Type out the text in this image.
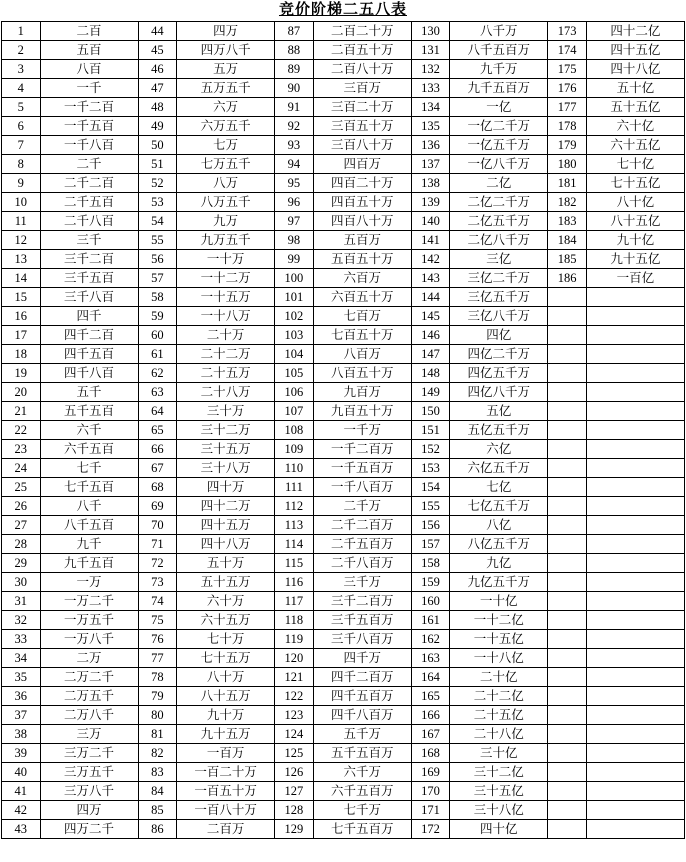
竞价阶梯二五八表
1	二百	44	四万	87	二百二十万	130	八千万	173	四十二亿
2	五百	45	四万八千	88	二百五十万	131	八千五百万	174	四十五亿
3	八百	46	五万	89	二百八十万	132	九千万	175	四十八亿
4	一千	47	五万五千	90	三百万	133	九千五百万	176	五十亿
5	一千二百	48	六万	91	三百二十万	134	一亿	177	五十五亿
6	一千五百	49	六万五千	92	三百五十万	135	一亿二千万	178	六十亿
7	一千八百	50	七万	93	三百八十万	136	一亿五千万	179	六十五亿
8	二千	51	七万五千	94	四百万	137	一亿八千万	180	七十亿
9	二千二百	52	八万	95	四百二十万	138	二亿	181	七十五亿
10	二千五百	53	八万五千	96	四百五十万	139	二亿二千万	182	八十亿
11	二千八百	54	九万	97	四百八十万	140	二亿五千万	183	八十五亿
12	三千	55	九万五千	98	五百万	141	二亿八千万	184	九十亿
13	三千二百	56	一十万	99	五百五十万	142	三亿	185	九十五亿
14	三千五百	57	一十二万	100	六百万	143	三亿二千万	186	一百亿
15	三千八百	58	一十五万	101	六百五十万	144	三亿五千万		
16	四千	59	一十八万	102	七百万	145	三亿八千万		
17	四千二百	60	二十万	103	七百五十万	146	四亿		
18	四千五百	61	二十二万	104	八百万	147	四亿二千万		
19	四千八百	62	二十五万	105	八百五十万	148	四亿五千万		
20	五千	63	二十八万	106	九百万	149	四亿八千万		
21	五千五百	64	三十万	107	九百五十万	150	五亿		
22	六千	65	三十二万	108	一千万	151	五亿五千万		
23	六千五百	66	三十五万	109	一千二百万	152	六亿		
24	七千	67	三十八万	110	一千五百万	153	六亿五千万		
25	七千五百	68	四十万	111	一千八百万	154	七亿		
26	八千	69	四十二万	112	二千万	155	七亿五千万		
27	八千五百	70	四十五万	113	二千二百万	156	八亿		
28	九千	71	四十八万	114	二千五百万	157	八亿五千万		
29	九千五百	72	五十万	115	二千八百万	158	九亿		
30	一万	73	五十五万	116	三千万	159	九亿五千万		
31	一万二千	74	六十万	117	三千二百万	160	一十亿		
32	一万五千	75	六十五万	118	三千五百万	161	一十二亿		
33	一万八千	76	七十万	119	三千八百万	162	一十五亿		
34	二万	77	七十五万	120	四千万	163	一十八亿		
35	二万二千	78	八十万	121	四千二百万	164	二十亿		
36	二万五千	79	八十五万	122	四千五百万	165	二十二亿		
37	二万八千	80	九十万	123	四千八百万	166	二十五亿		
38	三万	81	九十五万	124	五千万	167	二十八亿		
39	三万二千	82	一百万	125	五千五百万	168	三十亿		
40	三万五千	83	一百二十万	126	六千万	169	三十二亿		
41	三万八千	84	一百五十万	127	六千五百万	170	三十五亿		
42	四万	85	一百八十万	128	七千万	171	三十八亿		
43	四万二千	86	二百万	129	七千五百万	172	四十亿		
